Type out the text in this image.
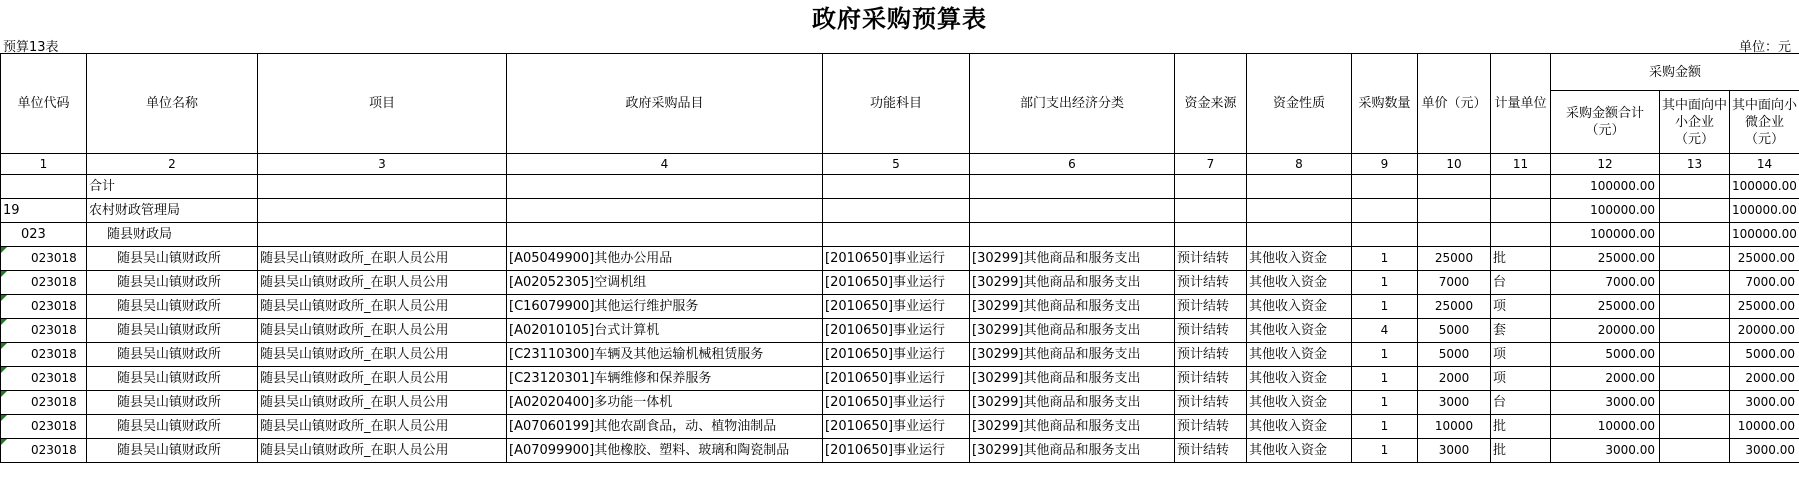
政府采购预算表
预算13表	单位：元
单位代码	单位名称	项目	政府采购品目	功能科目	部门支出经济分类	资金来源	资金性质	采购数量	单价（元）	计量单位	采购金额		
											采购金额合计（元）	其中面向中小企业（元）	其中面向小微企业（元）
1	2	3	4	5	6	7	8	9	10	11	12	13	14
	合计										100000.00		100000.00
19	农村财政管理局										100000.00		100000.00
023	随县财政局										100000.00		100000.00

023018	随县吴山镇财政所	随县吴山镇财政所_在职人员公用	[A05049900]其他办公用品	[2010650]事业运行	[30299]其他商品和服务支出	预计结转	其他收入资金	1	25000	批	25000.00		25000.00

023018	随县吴山镇财政所	随县吴山镇财政所_在职人员公用	[A02052305]空调机组	[2010650]事业运行	[30299]其他商品和服务支出	预计结转	其他收入资金	1	7000	台	7000.00		7000.00

023018	随县吴山镇财政所	随县吴山镇财政所_在职人员公用	[C16079900]其他运行维护服务	[2010650]事业运行	[30299]其他商品和服务支出	预计结转	其他收入资金	1	25000	项	25000.00		25000.00

023018	随县吴山镇财政所	随县吴山镇财政所_在职人员公用	[A02010105]台式计算机	[2010650]事业运行	[30299]其他商品和服务支出	预计结转	其他收入资金	4	5000	套	20000.00		20000.00

023018	随县吴山镇财政所	随县吴山镇财政所_在职人员公用	[C23110300]车辆及其他运输机械租赁服务	[2010650]事业运行	[30299]其他商品和服务支出	预计结转	其他收入资金	1	5000	项	5000.00		5000.00

023018	随县吴山镇财政所	随县吴山镇财政所_在职人员公用	[C23120301]车辆维修和保养服务	[2010650]事业运行	[30299]其他商品和服务支出	预计结转	其他收入资金	1	2000	项	2000.00		2000.00

023018	随县吴山镇财政所	随县吴山镇财政所_在职人员公用	[A02020400]多功能一体机	[2010650]事业运行	[30299]其他商品和服务支出	预计结转	其他收入资金	1	3000	台	3000.00		3000.00

023018	随县吴山镇财政所	随县吴山镇财政所_在职人员公用	[A07060199]其他农副食品，动、植物油制品	[2010650]事业运行	[30299]其他商品和服务支出	预计结转	其他收入资金	1	10000	批	10000.00		10000.00

023018	随县吴山镇财政所	随县吴山镇财政所_在职人员公用	[A07099900]其他橡胶、塑料、玻璃和陶瓷制品	[2010650]事业运行	[30299]其他商品和服务支出	预计结转	其他收入资金	1	3000	批	3000.00		3000.00
